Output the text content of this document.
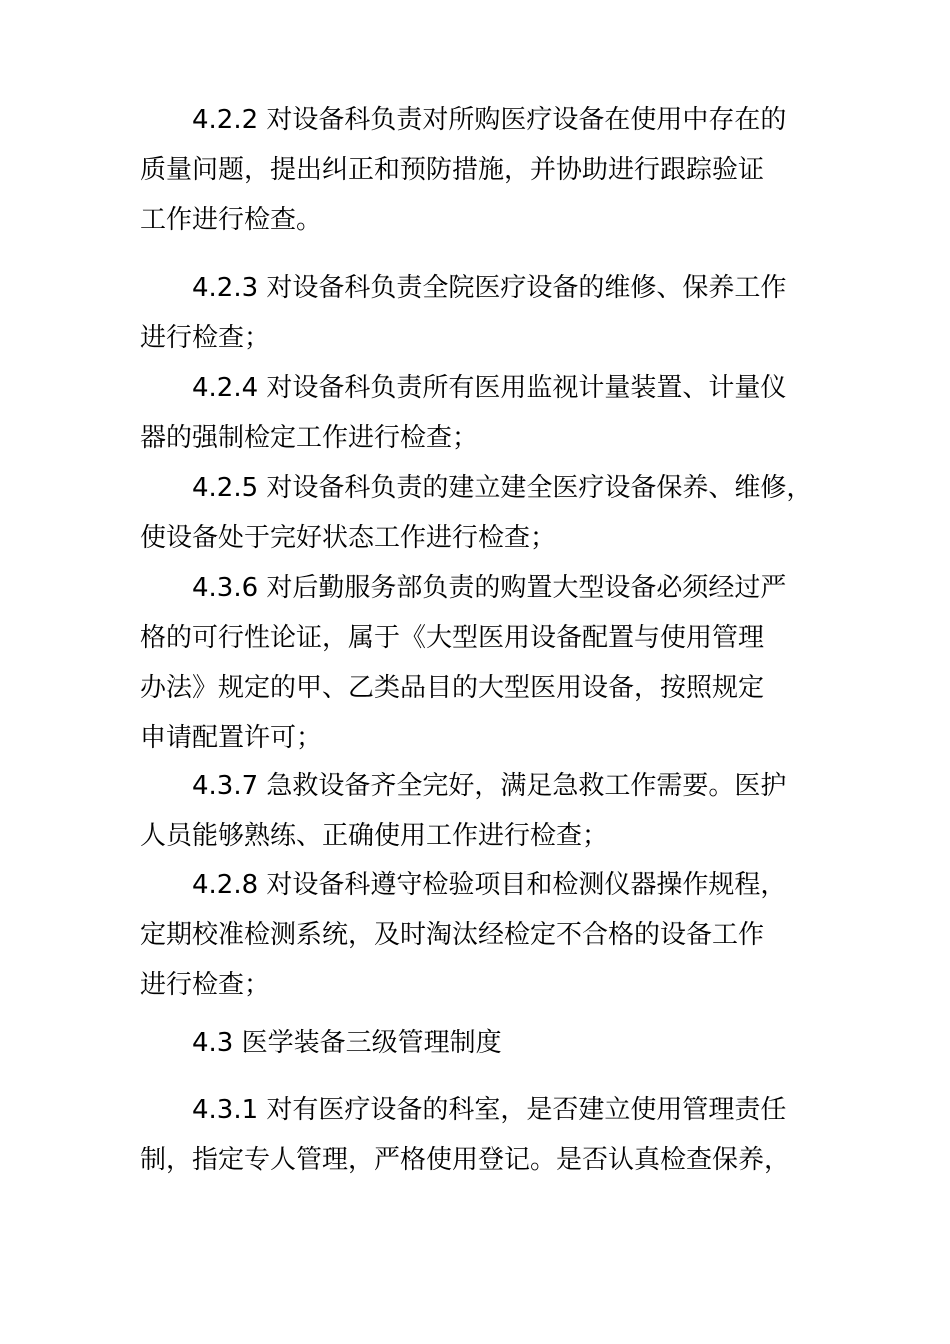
4.2.2 对设备科负责对所购医疗设备在使用中存在的
质量问题，提出纠正和预防措施，并协助进行跟踪验证
工作进行检查。
4.2.3 对设备科负责全院医疗设备的维修、保养工作
进行检查；
4.2.4 对设备科负责所有医用监视计量装置、计量仪
器的强制检定工作进行检查；
4.2.5 对设备科负责的建立建全医疗设备保养、维修，
使设备处于完好状态工作进行检查；
4.3.6 对后勤服务部负责的购置大型设备必须经过严
格的可行性论证，属于《大型医用设备配置与使用管理
办法》规定的甲、乙类品目的大型医用设备，按照规定
申请配置许可；
4.3.7 急救设备齐全完好，满足急救工作需要。医护
人员能够熟练、正确使用工作进行检查；
4.2.8 对设备科遵守检验项目和检测仪器操作规程，
定期校准检测系统，及时淘汰经检定不合格的设备工作
进行检查；
4.3 医学装备三级管理制度
4.3.1 对有医疗设备的科室，是否建立使用管理责任
制，指定专人管理，严格使用登记。是否认真检查保养，
